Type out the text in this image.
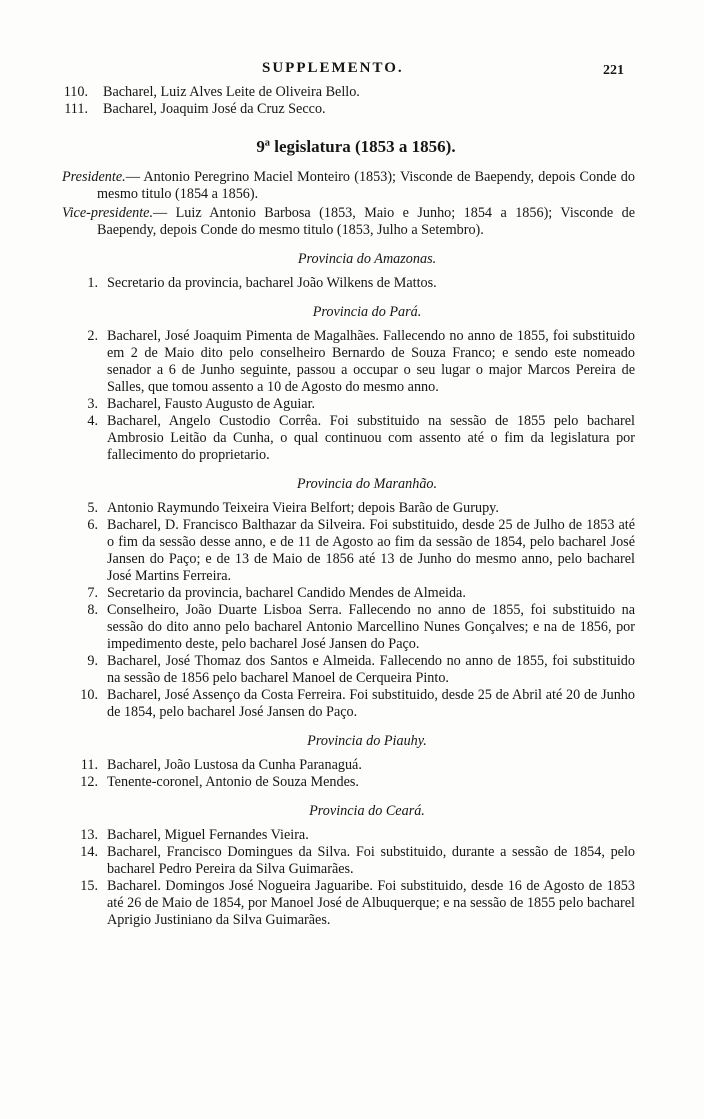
SUPPLEMENTO.	221
110. Bacharel, Luiz Alves Leite de Oliveira Bello.
111. Bacharel, Joaquim José da Cruz Secco.
9ª legislatura (1853 a 1856).
Presidente.— Antonio Peregrino Maciel Monteiro (1853); Visconde de Baependy, depois Conde do mesmo titulo (1854 a 1856).
Vice-presidente.— Luiz Antonio Barbosa (1853, Maio e Junho; 1854 a 1856); Visconde de Baependy, depois Conde do mesmo titulo (1853, Julho a Setembro).
Provincia do Amazonas.
1. Secretario da provincia, bacharel João Wilkens de Mattos.
Provincia do Pará.
2. Bacharel, José Joaquim Pimenta de Magalhães. Fallecendo no anno de 1855, foi substituido em 2 de Maio dito pelo conselheiro Bernardo de Souza Franco; e sendo este nomeado senador a 6 de Junho seguinte, passou a occupar o seu lugar o major Marcos Pereira de Salles, que tomou assento a 10 de Agosto do mesmo anno.
3. Bacharel, Fausto Augusto de Aguiar.
4. Bacharel, Angelo Custodio Corrêa. Foi substituido na sessão de 1855 pelo bacharel Ambrosio Leitão da Cunha, o qual continuou com assento até o fim da legislatura por fallecimento do proprietario.
Provincia do Maranhão.
5. Antonio Raymundo Teixeira Vieira Belfort; depois Barão de Gurupy.
6. Bacharel, D. Francisco Balthazar da Silveira. Foi substituido, desde 25 de Julho de 1853 até o fim da sessão desse anno, e de 11 de Agosto ao fim da sessão de 1854, pelo bacharel José Jansen do Paço; e de 13 de Maio de 1856 até 13 de Junho do mesmo anno, pelo bacharel José Martins Ferreira.
7. Secretario da provincia, bacharel Candido Mendes de Almeida.
8. Conselheiro, João Duarte Lisboa Serra. Fallecendo no anno de 1855, foi substituido na sessão do dito anno pelo bacharel Antonio Marcellino Nunes Gonçalves; e na de 1856, por impedimento deste, pelo bacharel José Jansen do Paço.
9. Bacharel, José Thomaz dos Santos e Almeida. Fallecendo no anno de 1855, foi substituido na sessão de 1856 pelo bacharel Manoel de Cerqueira Pinto.
10. Bacharel, José Assenço da Costa Ferreira. Foi substituido, desde 25 de Abril até 20 de Junho de 1854, pelo bacharel José Jansen do Paço.
Provincia do Piauhy.
11. Bacharel, João Lustosa da Cunha Paranaguá.
12. Tenente-coronel, Antonio de Souza Mendes.
Provincia do Ceará.
13. Bacharel, Miguel Fernandes Vieira.
14. Bacharel, Francisco Domingues da Silva. Foi substituido, durante a sessão de 1854, pelo bacharel Pedro Pereira da Silva Guimarães.
15. Bacharel. Domingos José Nogueira Jaguaribe. Foi substituido, desde 16 de Agosto de 1853 até 26 de Maio de 1854, por Manoel José de Albuquerque; e na sessão de 1855 pelo bacharel Aprigio Justiniano da Silva Guimarães.
